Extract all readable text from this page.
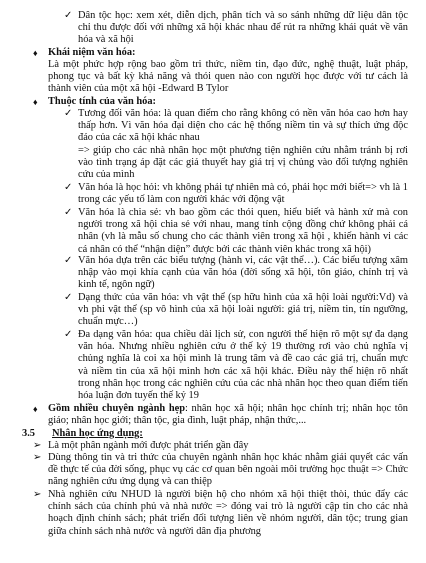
✓ Dân tộc học: xem xét, diễn dịch, phân tích và so sánh những dữ liệu dân tộc chỉ thu được đối với những xã hội khác nhau để rút ra những khái quát về văn hóa và xã hội
♦ Khái niệm văn hóa:
Là một phức hợp rộng bao gồm tri thức, niềm tin, đạo đức, nghệ thuật, luật pháp, phong tục và bất kỳ khả năng và thói quen nào con người học được với tư cách là thành viên của một xã hội -Edward B Tylor
♦ Thuộc tính của văn hóa:
✓ Tương đối văn hóa: là quan điểm cho rằng không có nền văn hóa cao hơn hay thấp hơn. Vì văn hóa đại diện cho các hệ thống niềm tin và sự thích ứng độc đáo của các xã hội khác nhau
=> giúp cho các nhà nhân học một phương tiện nghiên cứu nhằm tránh bị rơi vào tình trạng áp đặt các giả thuyết hay giá trị vị chủng vào đối tượng nghiên cứu của mình
✓ Văn hóa là học hỏi: vh không phải tự nhiên mà có, phải học mới biết=> vh là 1 trong các yếu tố làm con người khác với động vật
✓ Văn hóa là chia sẻ: vh bao gồm các thói quen, hiểu biết và hành xử mà con người trong xã hội chia sẻ với nhau, mang tính cộng đồng chứ không phải cá nhân (vh là mẫu số chung cho các thành viên trong xã hội , khiến hành vi các cá nhân có thể “nhận diện” được bởi các thành viên khác trong xã hội)
✓ Văn hóa dựa trên các biểu tượng (hành vi, các vật thể…). Các biểu tượng xâm nhập vào mọi khía cạnh của văn hóa (đời sống xã hội, tôn giáo, chính trị và kinh tế, ngôn ngữ)
✓ Dạng thức của văn hóa: vh vật thể (sp hữu hình của xã hội loài người:Vd) và vh phi vật thể (sp vô hình của xã hội loài người: giá trị, niềm tin, tín ngưỡng, chuẩn mực…)
✓ Đa dạng văn hóa: qua chiều dài lịch sử, con người thế hiện rõ một sự đa dạng văn hóa. Nhưng nhiều nghiên cứu ở thế kỷ 19 thường rơi vào chủ nghĩa vị chủng nghĩa là coi xa hội mình là trung tâm và đề cao các giá trị, chuẩn mực và niềm tin của xã hội mình hơn các xã hội khác. Điều này thể hiện rõ nhất trong nhân học trong các nghiên cứu của các nhà nhân học theo quan điểm tiến hóa luận đơn tuyến thế kỷ 19
♦ Gồm nhiều chuyên ngành hẹp: nhân học xã hội; nhân học chính trị; nhân học tôn giáo; nhân học giới; thân tộc, gia đình, luật pháp, nhận thức,...
3.5 Nhân học ứng dụng:
➢ Là một phân ngành mới được phát triển gần đây
➢ Dùng thông tin và tri thức của chuyên ngành nhân học khác nhằm giải quyết các vấn đề thực tế của đời sống, phục vụ các cơ quan bên ngoài môi trường học thuật => Chức năng nghiên cứu ứng dụng và can thiệp
➢ Nhà nghiên cứu NHUD là người biện hộ cho nhóm xã hội thiệt thòi, thúc đẩy các chính sách của chính phủ và nhà nước => đóng vai trò là người cập tin cho các nhà hoạch định chính sách; phát triển đối tượng liên về nhóm người, dân tộc; trung gian giữa chính sách nhà nước và người dân địa phương
